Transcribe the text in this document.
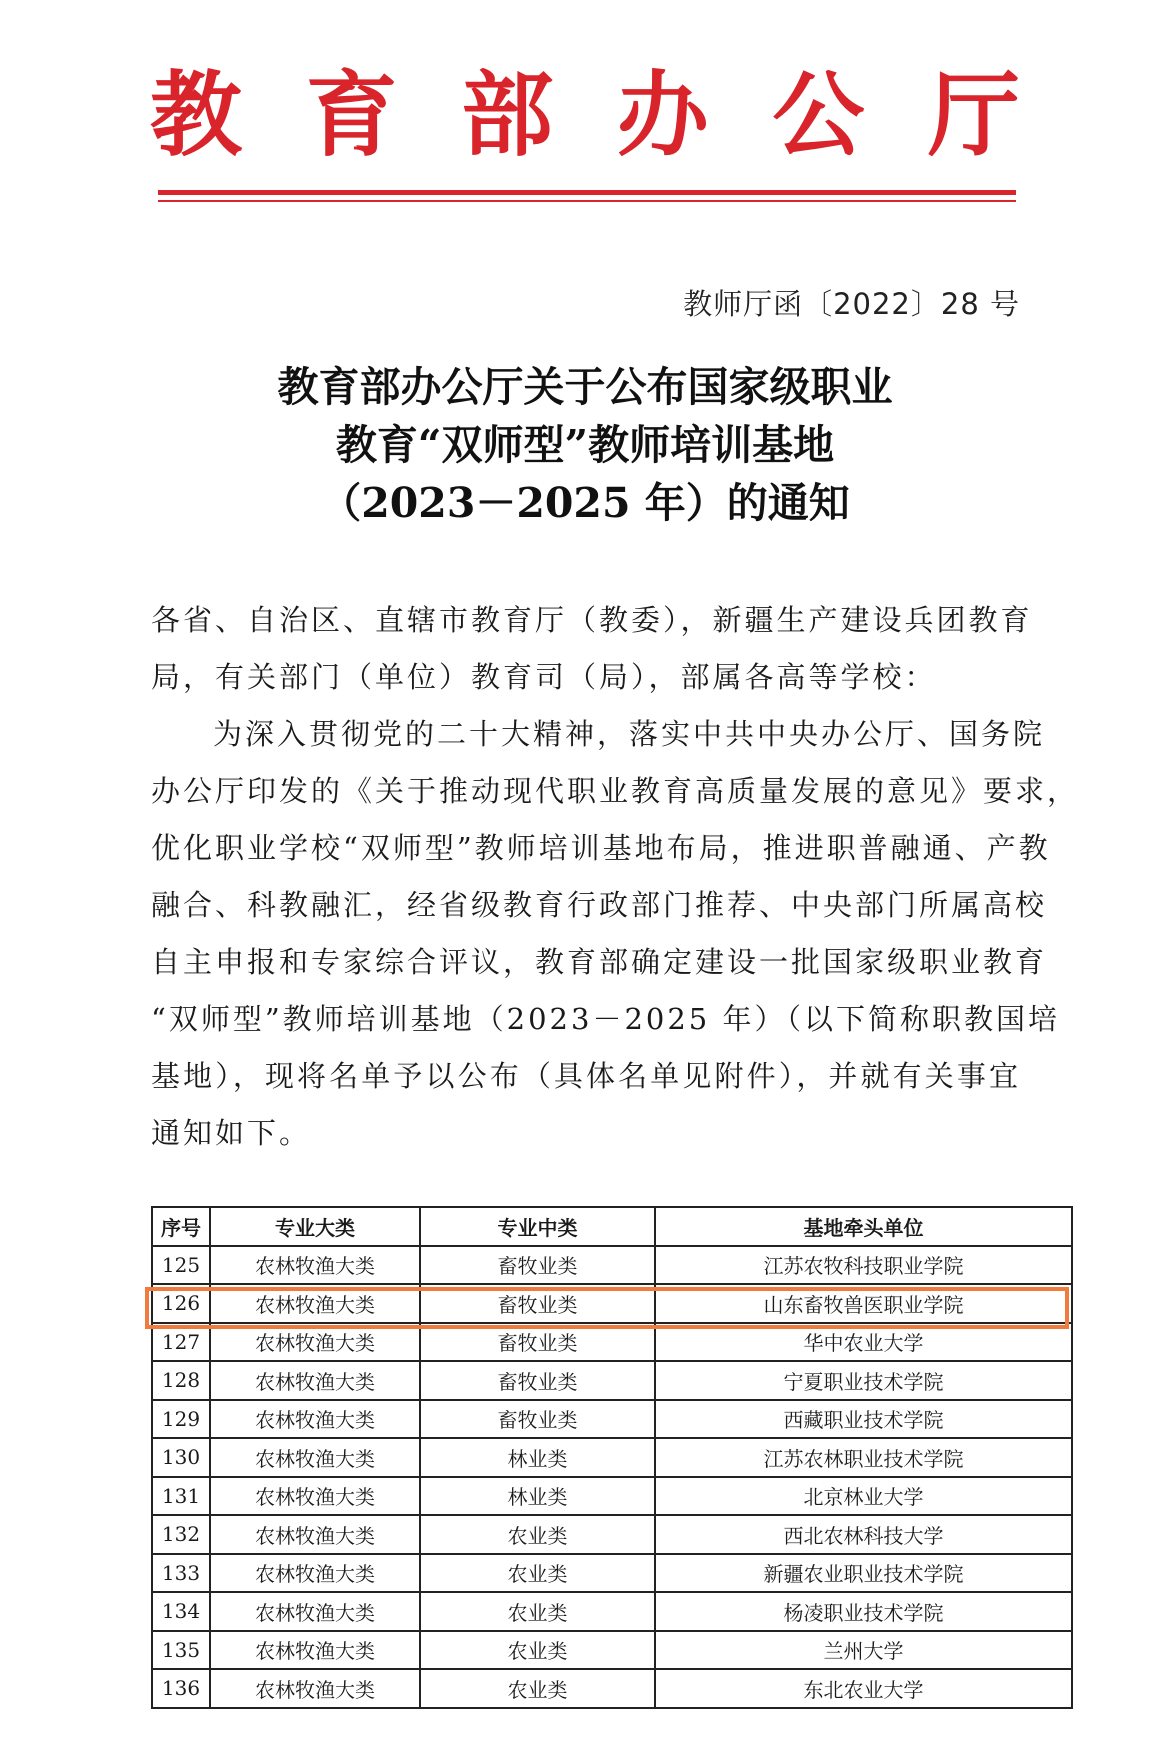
教 育 部 办 公 厅
教师厅函〔2022〕28 号
教育部办公厅关于公布国家级职业
教育“双师型”教师培训基地
（2023－2025 年）的通知

各省、自治区、直辖市教育厅（教委），新疆生产建设兵团教育

局，有关部门（单位）教育司（局），部属各高等学校：

为深入贯彻党的二十大精神，落实中共中央办公厅、国务院

办公厅印发的《关于推动现代职业教育高质量发展的意见》要求，

优化职业学校“双师型”教师培训基地布局，推进职普融通、产教

融合、科教融汇，经省级教育行政部门推荐、中央部门所属高校

自主申报和专家综合评议，教育部确定建设一批国家级职业教育

“双师型”教师培训基地（2023－2025 年）（以下简称职教国培

基地），现将名单予以公布（具体名单见附件），并就有关事宜

通知如下。

序号	专业大类	专业中类	基地牵头单位
125	农林牧渔大类	畜牧业类	江苏农牧科技职业学院
126	农林牧渔大类	畜牧业类	山东畜牧兽医职业学院
127	农林牧渔大类	畜牧业类	华中农业大学
128	农林牧渔大类	畜牧业类	宁夏职业技术学院
129	农林牧渔大类	畜牧业类	西藏职业技术学院
130	农林牧渔大类	林业类	江苏农林职业技术学院
131	农林牧渔大类	林业类	北京林业大学
132	农林牧渔大类	农业类	西北农林科技大学
133	农林牧渔大类	农业类	新疆农业职业技术学院
134	农林牧渔大类	农业类	杨凌职业技术学院
135	农林牧渔大类	农业类	兰州大学
136	农林牧渔大类	农业类	东北农业大学
